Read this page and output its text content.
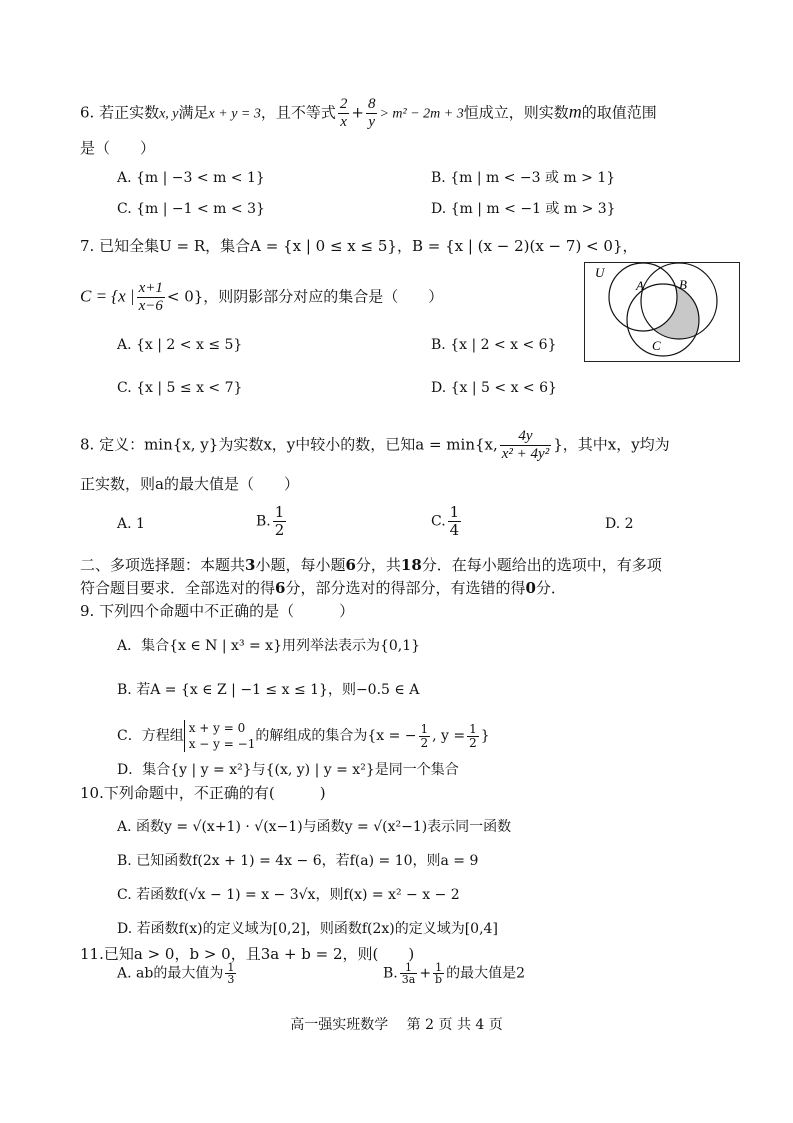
6. 若正实数x, y满足x + y = 3，且不等式 $\frac{2}{x} + \frac{8}{y} > m^2 - 2m + 3$恒成立，则实数m的取值范围
是（　　）
A. {m | −3 < m < 1}	B. {m | m < −3 或 m > 1}
C. {m | −1 < m < 3}	D. {m | m < −1 或 m > 3}
7. 已知全集U = R，集合A = {x | 0 ≤ x ≤ 5}，B = {x | (x − 2)(x − 7) < 0}，
C = {x | $\frac{x+1}{x-6} < 0$}，则阴影部分对应的集合是（　　）
A. {x | 2 < x ≤ 5}	B. {x | 2 < x < 6}
C. {x | 5 ≤ x < 7}	D. {x | 5 < x < 6}
U
A	B
C
8. 定义：min{x, y}为实数x，y中较小的数，已知a = min{x, $\frac{4y}{\text{x² + 4y²}}$ }，其中x，y均为
正实数，则a的最大值是（　　）
A. 1	B. $\frac{1}{2}$	C. $\frac{1}{4}$	D. 2
二、多项选择题：本题共3小题，每小题6分，共18分．在每小题给出的选项中，有多项
符合题目要求．全部选对的得6分，部分选对的得部分，有选错的得0分．
9. 下列四个命题中不正确的是（　　　）
A．集合{x ∈ N | x³ = x}用列举法表示为{0,1}
B. 若A = {x ∈ Z | −1 ≤ x ≤ 1}，则−0.5 ∈ A
C．方程组 x + y = 0
x − y = −1 的解组成的集合为{x = − $\frac{1}{2}$ , $y = \frac{1}{2}$ }
D．集合{y | y = x²}与{(x, y) | y = x²}是同一个集合
10.下列命题中，不正确的有(　　　)
A. 函数y = √(x+1) · √(x−1)与函数y = √(x²−1)表示同一函数
B. 已知函数f(2x + 1) = 4x − 6，若f(a) = 10，则a = 9
C. 若函数f(√x − 1) = x − 3√x，则f(x) = x² − x − 2
D. 若函数f(x)的定义域为[0,2]，则函数f(2x)的定义域为[0,4]
11.已知a > 0，b > 0，且3a + b = 2，则(　　)
A. ab的最大值为 $\frac{1}{3}$	B. $\frac{1}{3a} + \frac{1}{b}$ 的最大值是2
高一强实班数学　 第 2 页 共 4 页
